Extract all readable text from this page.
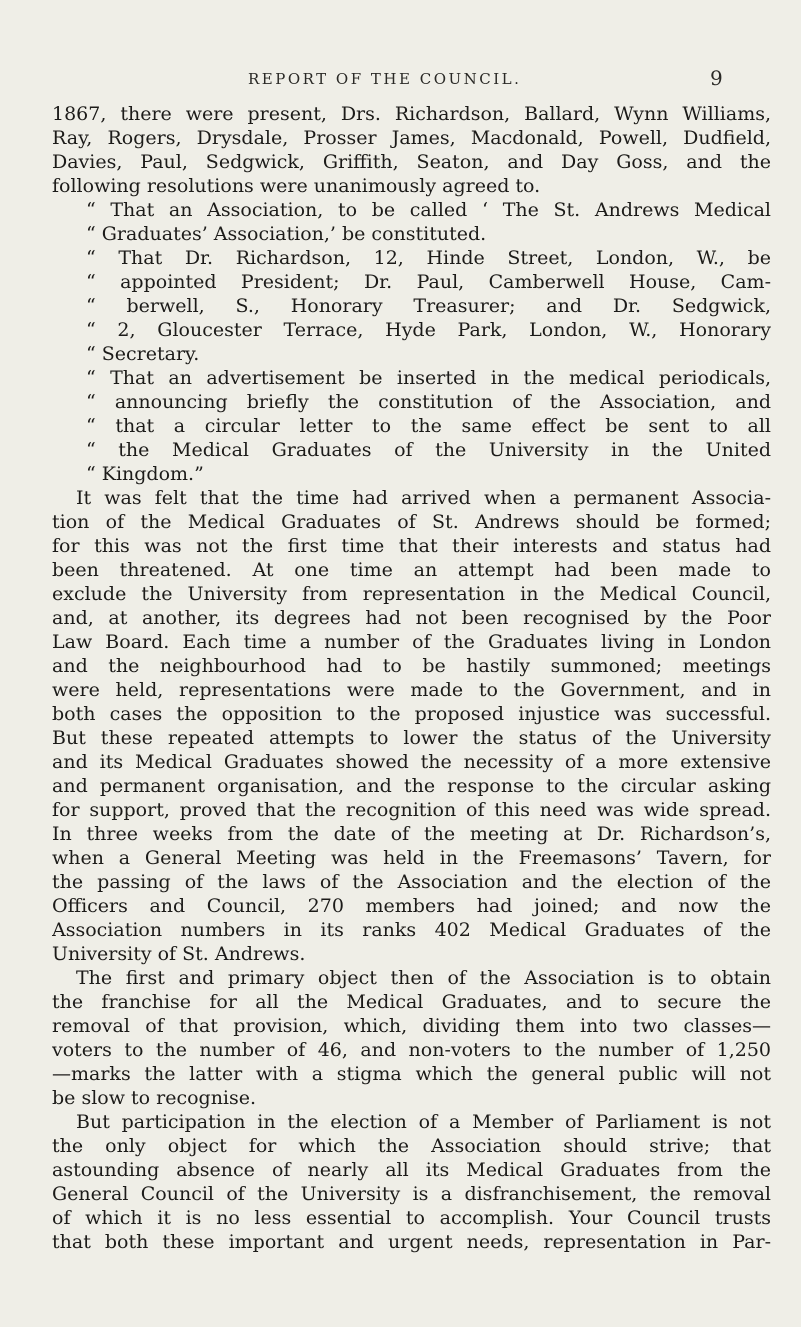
REPORT OF THE COUNCIL.	9
1867, there were present, Drs. Richardson, Ballard, Wynn Williams,
Ray, Rogers, Drysdale, Prosser James, Macdonald, Powell, Dudfield,
Davies, Paul, Sedgwick, Griffith, Seaton, and Day Goss, and the
following resolutions were unanimously agreed to.
“ That an Association, to be called ‘ The St. Andrews Medical
“ Graduates’ Association,’ be constituted.
“ That Dr. Richardson, 12, Hinde Street, London, W., be
“ appointed President; Dr. Paul, Camberwell House, Cam-
“ berwell, S., Honorary Treasurer; and Dr. Sedgwick,
“ 2, Gloucester Terrace, Hyde Park, London, W., Honorary
“ Secretary.
“ That an advertisement be inserted in the medical periodicals,
“ announcing briefly the constitution of the Association, and
“ that a circular letter to the same effect be sent to all
“ the Medical Graduates of the University in the United
“ Kingdom.”
It was felt that the time had arrived when a permanent Associa-
tion of the Medical Graduates of St. Andrews should be formed;
for this was not the first time that their interests and status had
been threatened. At one time an attempt had been made to
exclude the University from representation in the Medical Council,
and, at another, its degrees had not been recognised by the Poor
Law Board. Each time a number of the Graduates living in London
and the neighbourhood had to be hastily summoned; meetings
were held, representations were made to the Government, and in
both cases the opposition to the proposed injustice was successful.
But these repeated attempts to lower the status of the University
and its Medical Graduates showed the necessity of a more extensive
and permanent organisation, and the response to the circular asking
for support, proved that the recognition of this need was wide spread.
In three weeks from the date of the meeting at Dr. Richardson’s,
when a General Meeting was held in the Freemasons’ Tavern, for
the passing of the laws of the Association and the election of the
Officers and Council, 270 members had joined; and now the
Association numbers in its ranks 402 Medical Graduates of the
University of St. Andrews.
The first and primary object then of the Association is to obtain
the franchise for all the Medical Graduates, and to secure the
removal of that provision, which, dividing them into two classes—
voters to the number of 46, and non-voters to the number of 1,250
—marks the latter with a stigma which the general public will not
be slow to recognise.
But participation in the election of a Member of Parliament is not
the only object for which the Association should strive; that
astounding absence of nearly all its Medical Graduates from the
General Council of the University is a disfranchisement, the removal
of which it is no less essential to accomplish. Your Council trusts
that both these important and urgent needs, representation in Par-
